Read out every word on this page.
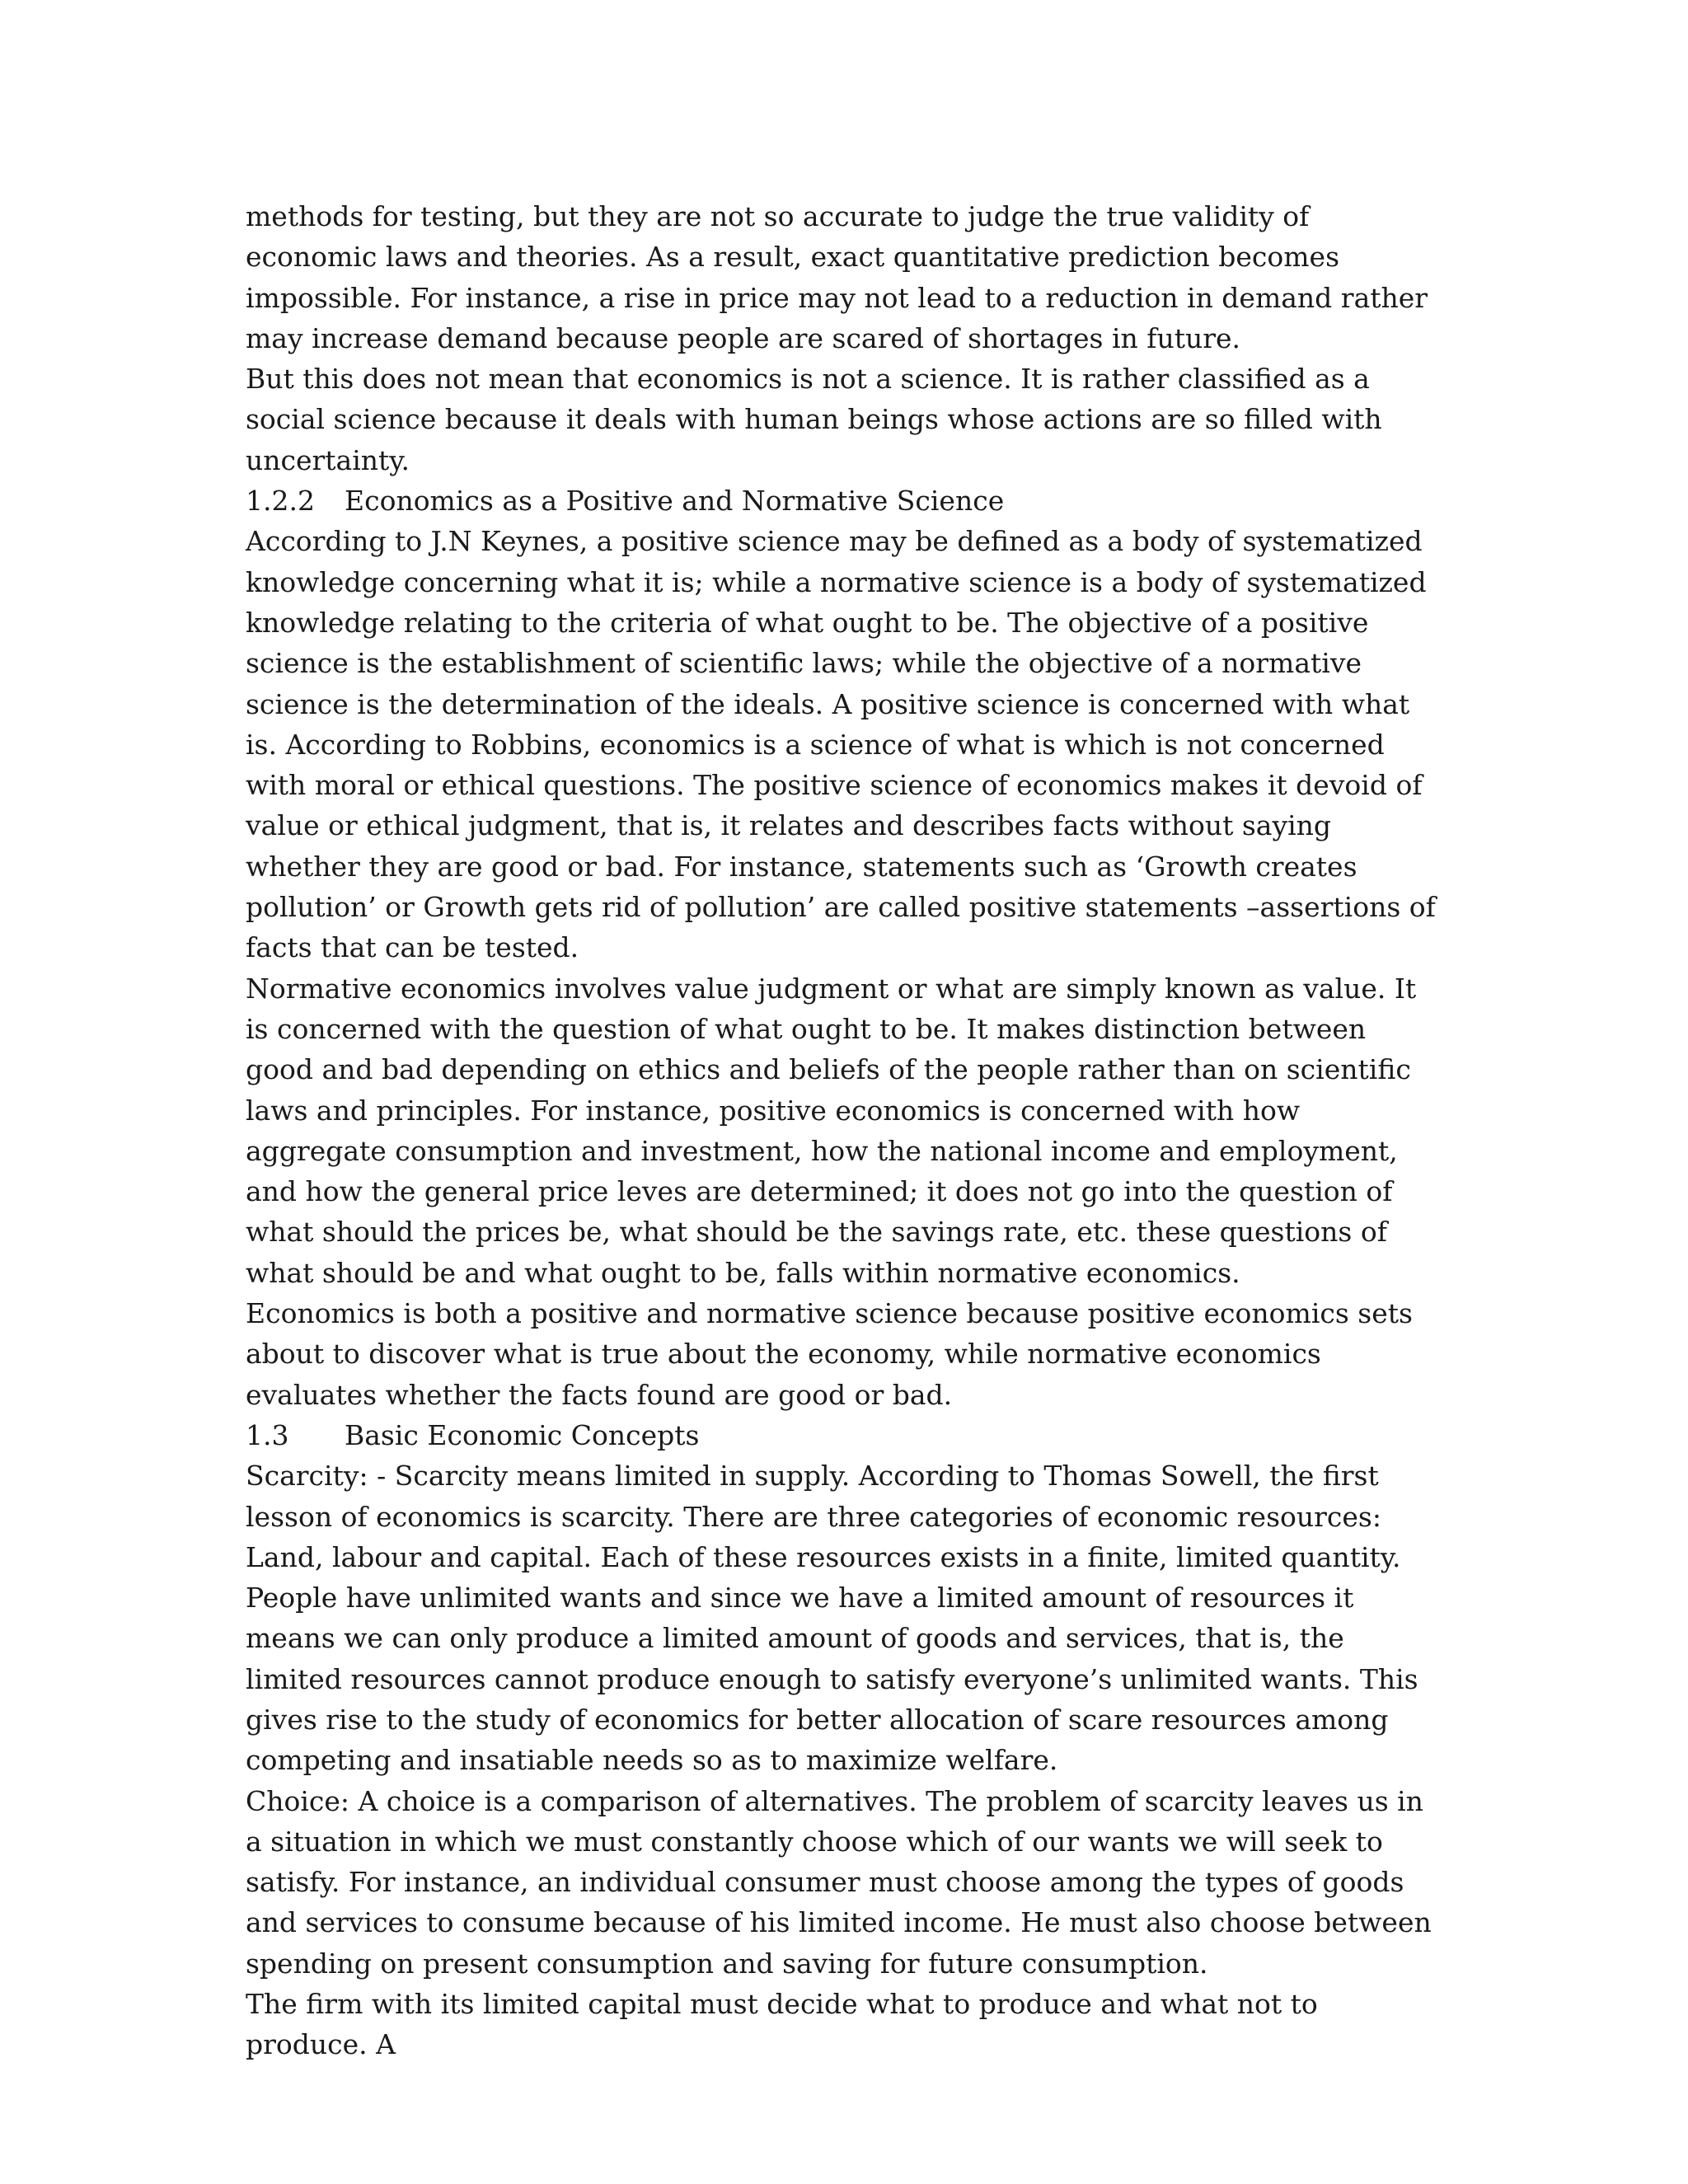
methods for testing, but they are not so accurate to judge the true validity of economic laws and theories. As a result, exact quantitative prediction becomes impossible. For instance, a rise in price may not lead to a reduction in demand rather may increase demand because people are scared of shortages in future.

But this does not mean that economics is not a science. It is rather classified as a social science because it deals with human beings whose actions are so filled with uncertainty.

1.2.2 Economics as a Positive and Normative Science

According to J.N Keynes, a positive science may be defined as a body of systematized knowledge concerning what it is; while a normative science is a body of systematized knowledge relating to the criteria of what ought to be. The objective of a positive science is the establishment of scientific laws; while the objective of a normative science is the determination of the ideals. A positive science is concerned with what is. According to Robbins, economics is a science of what is which is not concerned with moral or ethical questions. The positive science of economics makes it devoid of value or ethical judgment, that is, it relates and describes facts without saying whether they are good or bad. For instance, statements such as ‘Growth creates pollution’ or Growth gets rid of pollution’ are called positive statements –assertions of facts that can be tested.

Normative economics involves value judgment or what are simply known as value. It is concerned with the question of what ought to be. It makes distinction between good and bad depending on ethics and beliefs of the people rather than on scientific laws and principles. For instance, positive economics is concerned with how aggregate consumption and investment, how the national income and employment, and how the general price leves are determined; it does not go into the question of what should the prices be, what should be the savings rate, etc. these questions of what should be and what ought to be, falls within normative economics.

Economics is both a positive and normative science because positive economics sets about to discover what is true about the economy, while normative economics evaluates whether the facts found are good or bad.

1.3 Basic Economic Concepts

Scarcity: - Scarcity means limited in supply. According to Thomas Sowell, the first lesson of economics is scarcity. There are three categories of economic resources: Land, labour and capital. Each of these resources exists in a finite, limited quantity. People have unlimited wants and since we have a limited amount of resources it means we can only produce a limited amount of goods and services, that is, the limited resources cannot produce enough to satisfy everyone’s unlimited wants. This gives rise to the study of economics for better allocation of scare resources among competing and insatiable needs so as to maximize welfare.

Choice: A choice is a comparison of alternatives. The problem of scarcity leaves us in a situation in which we must constantly choose which of our wants we will seek to satisfy. For instance, an individual consumer must choose among the types of goods and services to consume because of his limited income. He must also choose between spending on present consumption and saving for future consumption.

The firm with its limited capital must decide what to produce and what not to produce. A
